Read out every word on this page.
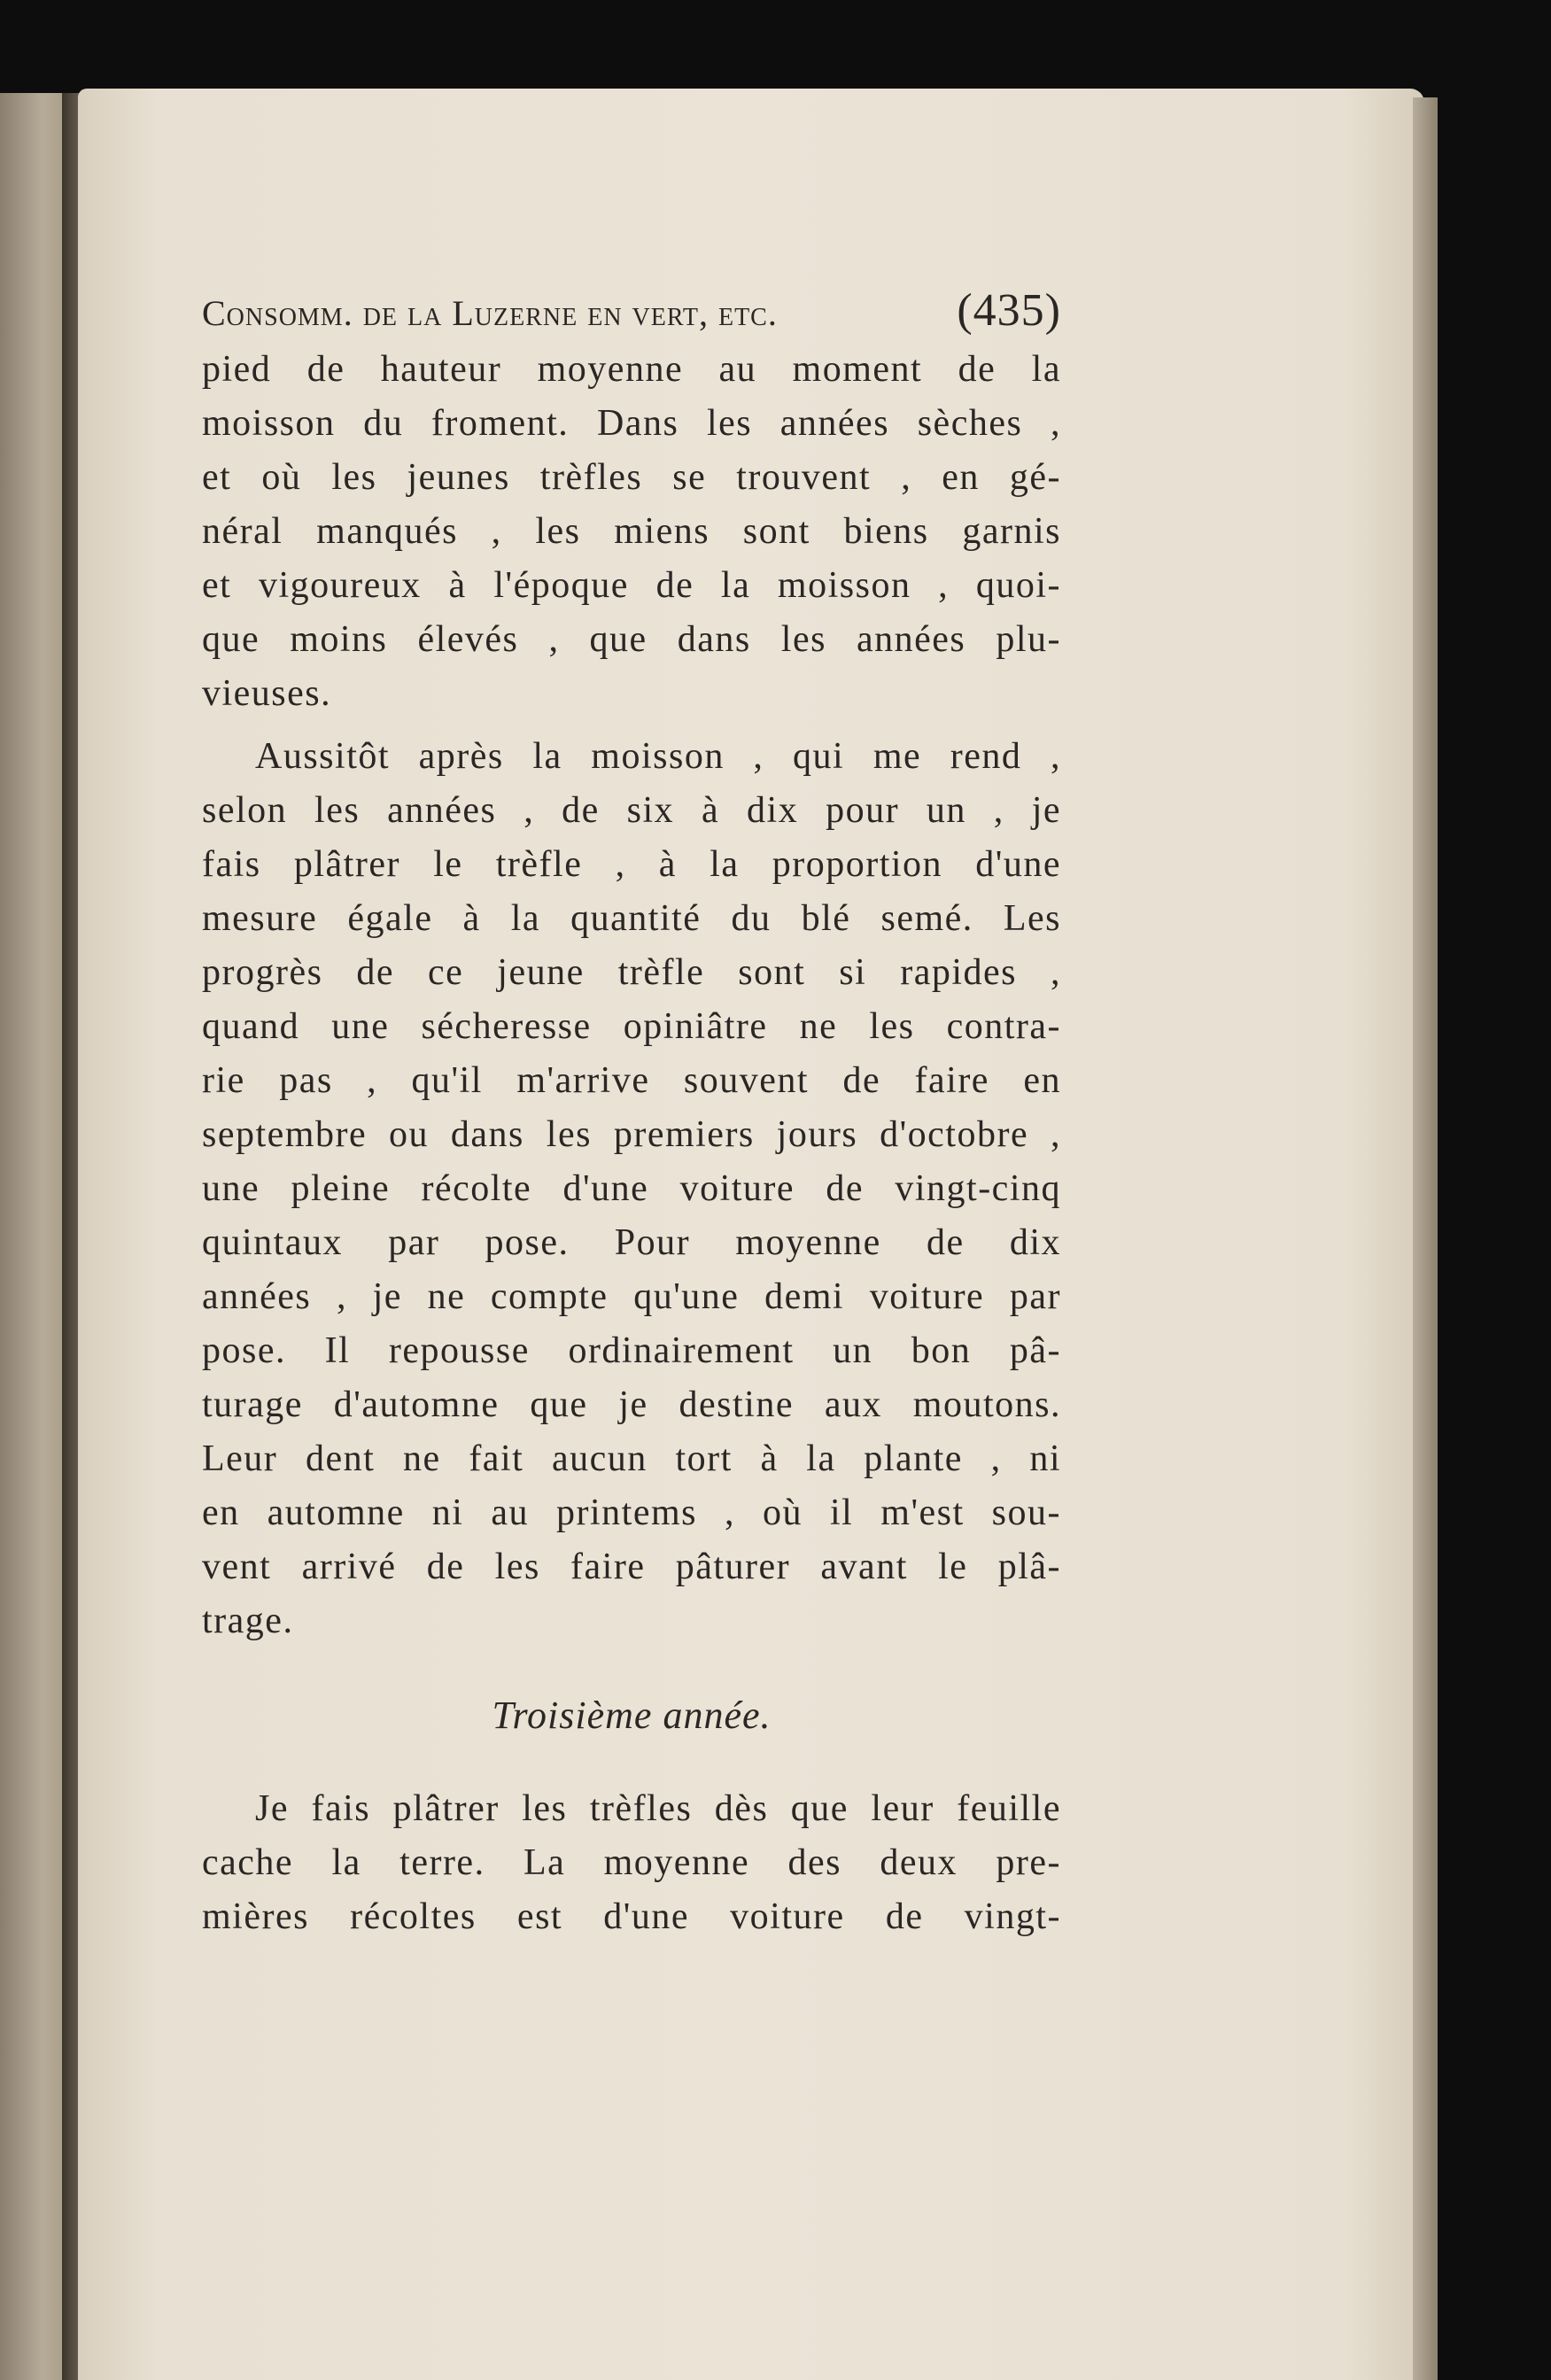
Consomm. de la Luzerne en vert, etc.	(435)
pied de hauteur moyenne au moment de la
moisson du froment. Dans les années sèches ,
et où les jeunes trèfles se trouvent , en gé-
néral manqués , les miens sont biens garnis
et vigoureux à l'époque de la moisson , quoi-
que moins élevés , que dans les années plu-
vieuses.
Aussitôt après la moisson , qui me rend ,
selon les années , de six à dix pour un , je
fais plâtrer le trèfle , à la proportion d'une
mesure égale à la quantité du blé semé. Les
progrès de ce jeune trèfle sont si rapides ,
quand une sécheresse opiniâtre ne les contra-
rie pas , qu'il m'arrive souvent de faire en
septembre ou dans les premiers jours d'octobre ,
une pleine récolte d'une voiture de vingt-cinq
quintaux par pose. Pour moyenne de dix
années , je ne compte qu'une demi voiture par
pose. Il repousse ordinairement un bon pâ-
turage d'automne que je destine aux moutons.
Leur dent ne fait aucun tort à la plante , ni
en automne ni au printems , où il m'est sou-
vent arrivé de les faire pâturer avant le plâ-
trage.
Troisième année.
Je fais plâtrer les trèfles dès que leur feuille
cache la terre. La moyenne des deux pre-
mières récoltes est d'une voiture de vingt-
